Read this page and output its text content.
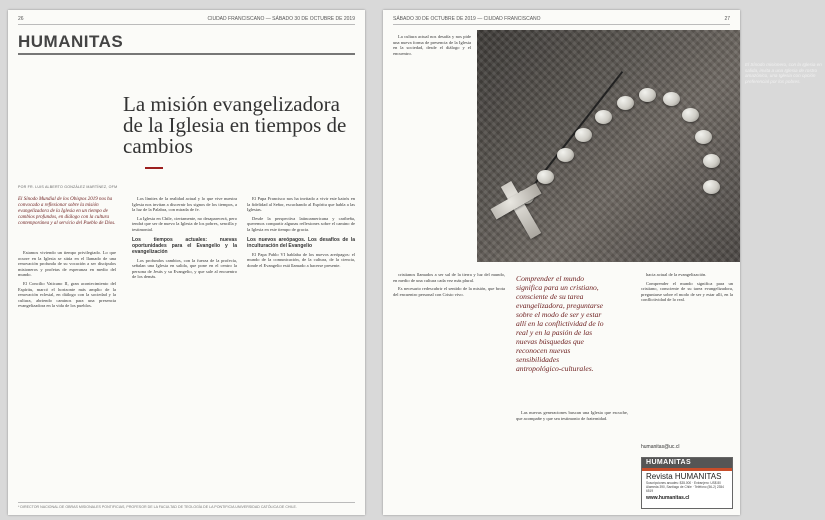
26	CIUDAD FRANCISCANO — SÁBADO 30 DE OCTUBRE DE 2019
HUMANITAS
La misión evangelizadora de la Iglesia en tiempos de cambios
POR FR. LUIS ALBERTO GONZÁLEZ MARTÍNEZ, OFM
El Sínodo Mundial de los Obispos 2019 nos ha convocado a reflexionar sobre la misión evangelizadora de la Iglesia en un tiempo de cambios profundos, en diálogo con la cultura contemporánea y al servicio del Pueblo de Dios.

Estamos viviendo un tiempo privilegiado. Lo que ocurre en la Iglesia se sitúa en el llamado de una renovación profunda de su vocación a ser discípulos misioneros y profetas de esperanza en medio del mundo.

El Concilio Vaticano II, gran acontecimiento del Espíritu, marcó el horizonte más amplio de la renovación eclesial, en diálogo con la sociedad y la cultura, abriendo caminos para una presencia evangelizadora en la vida de los pueblos.

Los límites de la realidad actual y lo que vive nuestra Iglesia nos invitan a discernir los signos de los tiempos, a la luz de la Palabra, con mirada de fe.

La Iglesia en Chile, ciertamente, no desaparecerá, pero tendrá que ser de nuevo la Iglesia de los pobres, sencilla y testimonial.

Los tiempos actuales: nuevas oportunidades para el Evangelio y la evangelización

Los profundos cambios, con la fuerza de la profecía, señalan una Iglesia en salida, que pone en el centro la persona de Jesús y su Evangelio, y que sale al encuentro de los demás.

El Papa Francisco nos ha invitado a vivir este kairós en la fidelidad al Señor, escuchando al Espíritu que habla a las Iglesias.

Desde la perspectiva latinoamericana y caribeña, queremos compartir algunas reflexiones sobre el camino de la Iglesia en este tiempo de gracia.

Los nuevos areópagos. Los desafíos de la inculturación del Evangelio

El Papa Pablo VI hablaba de los nuevos areópagos: el mundo de la comunicación, de la cultura, de la ciencia, donde el Evangelio está llamado a hacerse presente.

* DIRECTOR NACIONAL DE OBRAS MISIONALES PONTIFICIAS, PROFESOR DE LA FACULTAD DE TEOLOGÍA DE LA PONTIFICIA UNIVERSIDAD CATÓLICA DE CHILE.
SÁBADO 30 DE OCTUBRE DE 2019 — CIUDAD FRANCISCANO	27
El Sínodo misionero, con la Iglesia en salida, invita a una Iglesia de rostro amazónico, una Iglesia con opción preferencial por los pobres.

La cultura actual nos desafía y nos pide una nueva forma de presencia de la Iglesia en la sociedad, desde el diálogo y el encuentro.

cristianos llamados a ser sal de la tierra y luz del mundo, en medio de una cultura cada vez más plural.

Es necesario redescubrir el sentido de la misión, que brota del encuentro personal con Cristo vivo.

Comprender el mundo significa para un cristiano, consciente de su tarea evangelizadora, preguntarse sobre el modo de ser y estar allí en la conflictividad de lo real y en la pasión de las nuevas búsquedas que reconocen nuevas sensibilidades antropológico-culturales.

Las nuevas generaciones buscan una Iglesia que escuche, que acompañe y que sea testimonio de fraternidad.

hacia actual de la evangelización.

Comprender el mundo significa para un cristiano, consciente de su tarea evangelizadora, preguntarse sobre el modo de ser y estar allí, en la conflictividad de lo real.

humanitas@uc.cl
HUMANITAS
Revista HUMANITAS
Suscripciones anuales: $35.000 · Extranjero: US$ 80
Alameda 390, Santiago de Chile · Teléfono (56-2) 2354 6519
www.humanitas.cl
